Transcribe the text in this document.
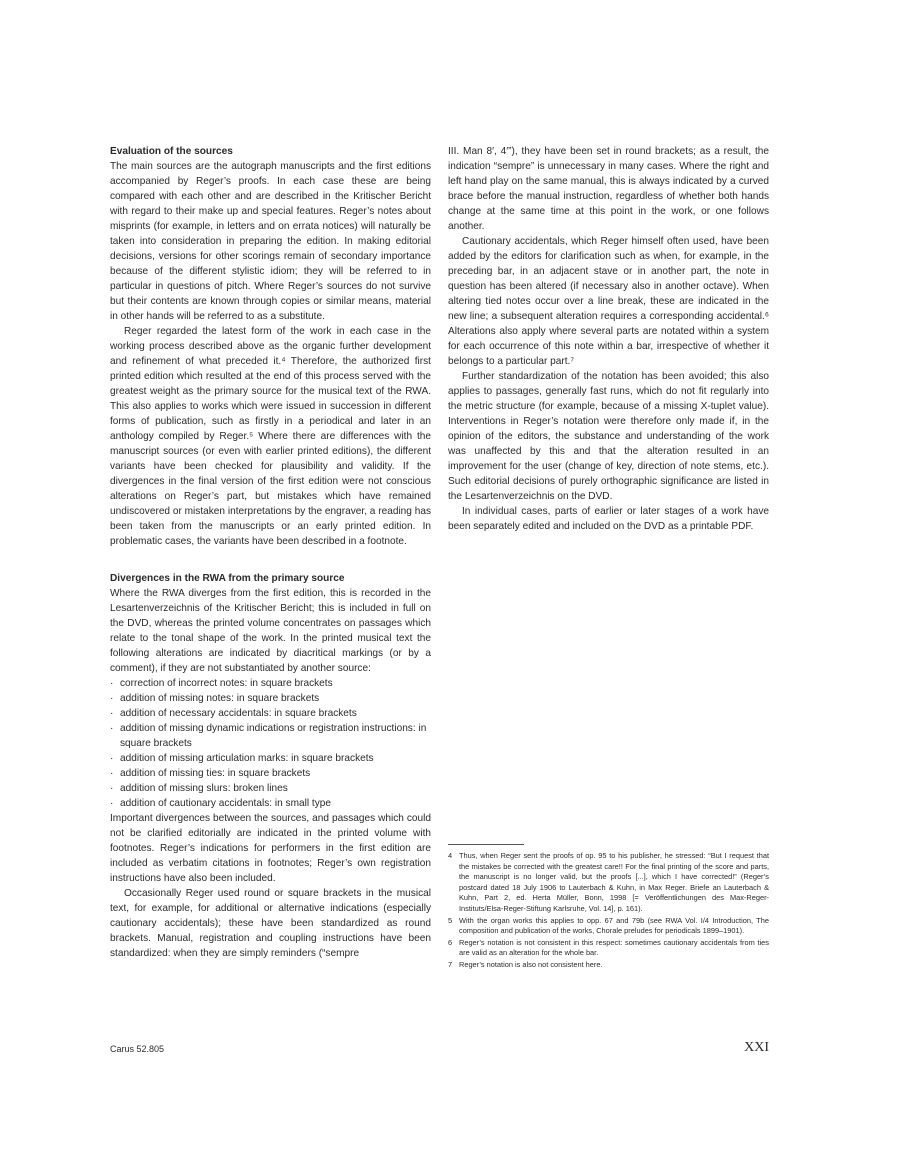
Evaluation of the sources

The main sources are the autograph manuscripts and the first editions accompanied by Reger’s proofs. In each case these are being compared with each other and are described in the Kritischer Bericht with regard to their make up and special features. Reger’s notes about misprints (for example, in letters and on errata notices) will naturally be taken into consideration in preparing the edition. In making editorial decisions, versions for other scorings remain of secondary importance because of the different stylistic idiom; they will be referred to in particular in questions of pitch. Where Reger’s sources do not survive but their contents are known through copies or similar means, material in other hands will be referred to as a substitute.

Reger regarded the latest form of the work in each case in the working process described above as the organic further development and refinement of what preceded it.⁴ Therefore, the authorized first printed edition which resulted at the end of this process served with the greatest weight as the primary source for the musical text of the RWA. This also applies to works which were issued in succession in different forms of publication, such as firstly in a periodical and later in an anthology compiled by Reger.⁵ Where there are differences with the manuscript sources (or even with earlier printed editions), the different variants have been checked for plausibility and validity. If the divergences in the final version of the first edition were not conscious alterations on Reger’s part, but mistakes which have remained undiscovered or mistaken interpretations by the engraver, a reading has been taken from the manuscripts or an early printed edition. In problematic cases, the variants have been described in a footnote.

Divergences in the RWA from the primary source

Where the RWA diverges from the first edition, this is recorded in the Lesartenverzeichnis of the Kritischer Bericht; this is included in full on the DVD, whereas the printed volume concentrates on passages which relate to the tonal shape of the work. In the printed musical text the following alterations are indicated by diacritical markings (or by a comment), if they are not substantiated by another source:

· correction of incorrect notes: in square brackets
· addition of missing notes: in square brackets
· addition of necessary accidentals: in square brackets
· addition of missing dynamic indications or registration instructions: in square brackets
· addition of missing articulation marks: in square brackets
· addition of missing ties: in square brackets
· addition of missing slurs: broken lines
· addition of cautionary accidentals: in small type

Important divergences between the sources, and passages which could not be clarified editorially are indicated in the printed volume with footnotes. Reger’s indications for performers in the first edition are included as verbatim citations in footnotes; Reger’s own registration instructions have also been included.

Occasionally Reger used round or square brackets in the musical text, for example, for additional or alternative indications (especially cautionary accidentals); these have been standardized as round brackets. Manual, registration and coupling instructions have been standardized: when they are simply reminders (“sempre

III. Man 8′, 4′”), they have been set in round brackets; as a result, the indication “sempre” is unnecessary in many cases. Where the right and left hand play on the same manual, this is always indicated by a curved brace before the manual instruction, regardless of whether both hands change at the same time at this point in the work, or one follows another.

Cautionary accidentals, which Reger himself often used, have been added by the editors for clarification such as when, for example, in the preceding bar, in an adjacent stave or in another part, the note in question has been altered (if necessary also in another octave). When altering tied notes occur over a line break, these are indicated in the new line; a subsequent alteration requires a corresponding accidental.⁶ Alterations also apply where several parts are notated within a system for each occurrence of this note within a bar, irrespective of whether it belongs to a particular part.⁷

Further standardization of the notation has been avoided; this also applies to passages, generally fast runs, which do not fit regularly into the metric structure (for example, because of a missing X-tuplet value). Interventions in Reger’s notation were therefore only made if, in the opinion of the editors, the substance and understanding of the work was unaffected by this and that the alteration resulted in an improvement for the user (change of key, direction of note stems, etc.). Such editorial decisions of purely orthographic significance are listed in the Lesartenverzeichnis on the DVD.

In individual cases, parts of earlier or later stages of a work have been separately edited and included on the DVD as a printable PDF.

4 Thus, when Reger sent the proofs of op. 95 to his publisher, he stressed: “But I request that the mistakes be corrected with the greatest care!! For the final printing of the score and parts, the manuscript is no longer valid, but the proofs [...], which I have corrected!” (Reger’s postcard dated 18 July 1906 to Lauterbach & Kuhn, in Max Reger. Briefe an Lauterbach & Kuhn, Part 2, ed. Herta Müller, Bonn, 1998 [= Veröffentlichungen des Max-Reger-Instituts/Elsa-Reger-Stiftung Karlsruhe, Vol. 14], p. 161).
5 With the organ works this applies to opp. 67 and 79b (see RWA Vol. I/4 Introduction, The composition and publication of the works, Chorale preludes for periodicals 1899–1901).
6 Reger’s notation is not consistent in this respect: sometimes cautionary accidentals from ties are valid as an alteration for the whole bar.
7 Reger’s notation is also not consistent here.
Carus 52.805	XXI
